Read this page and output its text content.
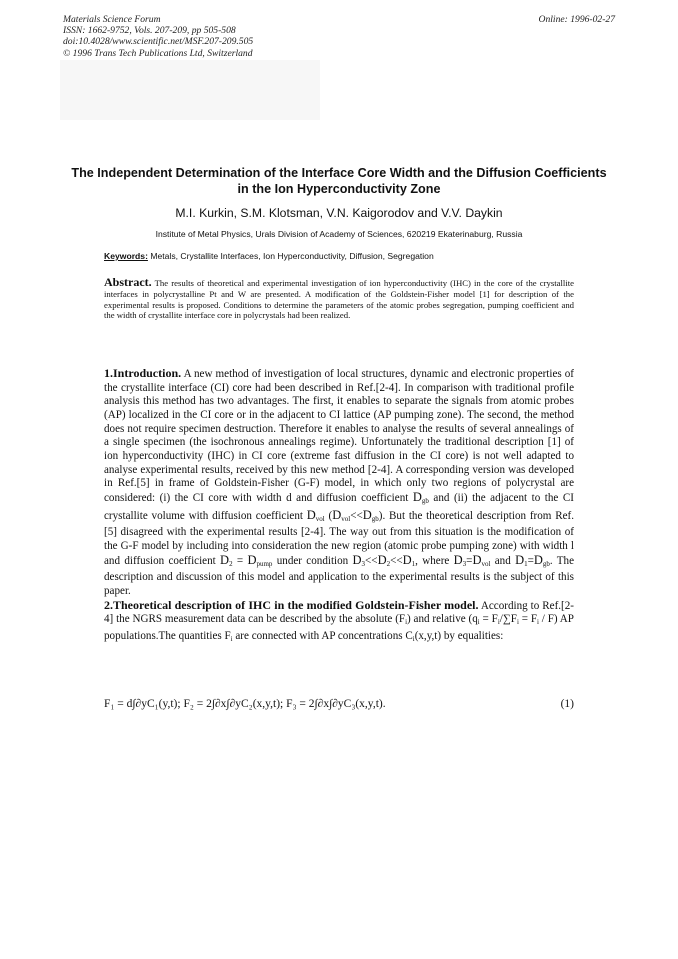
Materials Science Forum
ISSN: 1662-9752, Vols. 207-209, pp 505-508
doi:10.4028/www.scientific.net/MSF.207-209.505
© 1996 Trans Tech Publications Ltd, Switzerland
Online: 1996-02-27
The Independent Determination of the Interface Core Width and the Diffusion Coefficients in the Ion Hyperconductivity Zone
M.I. Kurkin, S.M. Klotsman, V.N. Kaigorodov and V.V. Daykin
Institute of Metal Physics, Urals Division of Academy of Sciences, 620219 Ekaterinaburg, Russia
Keywords: Metals, Crystallite Interfaces, Ion Hyperconductivity, Diffusion, Segregation
Abstract. The results of theoretical and experimental investigation of ion hyperconductivity (IHC) in the core of the crystallite interfaces in polycrystalline Pt and W are presented. A modification of the Goldstein-Fisher model [1] for description of the experimental results is proposed. Conditions to determine the parameters of the atomic probes segregation, pumping coefficient and the width of crystallite interface core in polycrystals had been realized.

1.Introduction. A new method of investigation of local structures, dynamic and electronic properties of the crystallite interface (CI) core had been described in Ref.[2-4]. In comparison with traditional profile analysis this method has two advantages. The first, it enables to separate the signals from atomic probes (AP) localized in the CI core or in the adjacent to CI lattice (AP pumping zone). The second, the method does not require specimen destruction. Therefore it enables to analyse the results of several annealings of a single specimen (the isochronous annealings regime). Unfortunately the traditional description [1] of ion hyperconductivity (IHC) in CI core (extreme fast diffusion in the CI core) is not well adapted to analyse experimental results, received by this new method [2-4]. A corresponding version was developed in Ref.[5] in frame of Goldstein-Fisher (G-F) model, in which only two regions of polycrystal are considered: (i) the CI core with width d and diffusion coefficient $D_{gb}$ and (ii) the adjacent to the CI crystallite volume with diffusion coefficient $D_{vol}$ $(D_{vol}<<D_{gb})$. But the theoretical description from Ref.[5] disagreed with the experimental results [2-4]. The way out from this situation is the modification of the G-F model by including into consideration the new region (atomic probe pumping zone) with width l and diffusion coefficient $D_2 = D_{pump}$ under condition $D_3<<D_2<<D_1$, where $D_3=D_{vol}$ and $D_1=D_{gb}$. The description and discussion of this model and application to the experimental results is the subject of this paper.

2.Theoretical description of IHC in the modified Goldstein-Fisher model. According to Ref.[2-4] the NGRS measurement data can be described by the absolute $(F_i)$ and relative $(q_i = F_i/\sum F_i = F_i / F)$ AP populations.The quantities $F_i$ are connected with AP concentrations $C_i(x,y,t)$ by equalities:

F₁ = d∫∂yC₁(y,t); F₂ = 2∫∂x∫∂yC₂(x,y,t); F₃ = 2∫∂x∫∂yC₃(x,y,t).	(1)
